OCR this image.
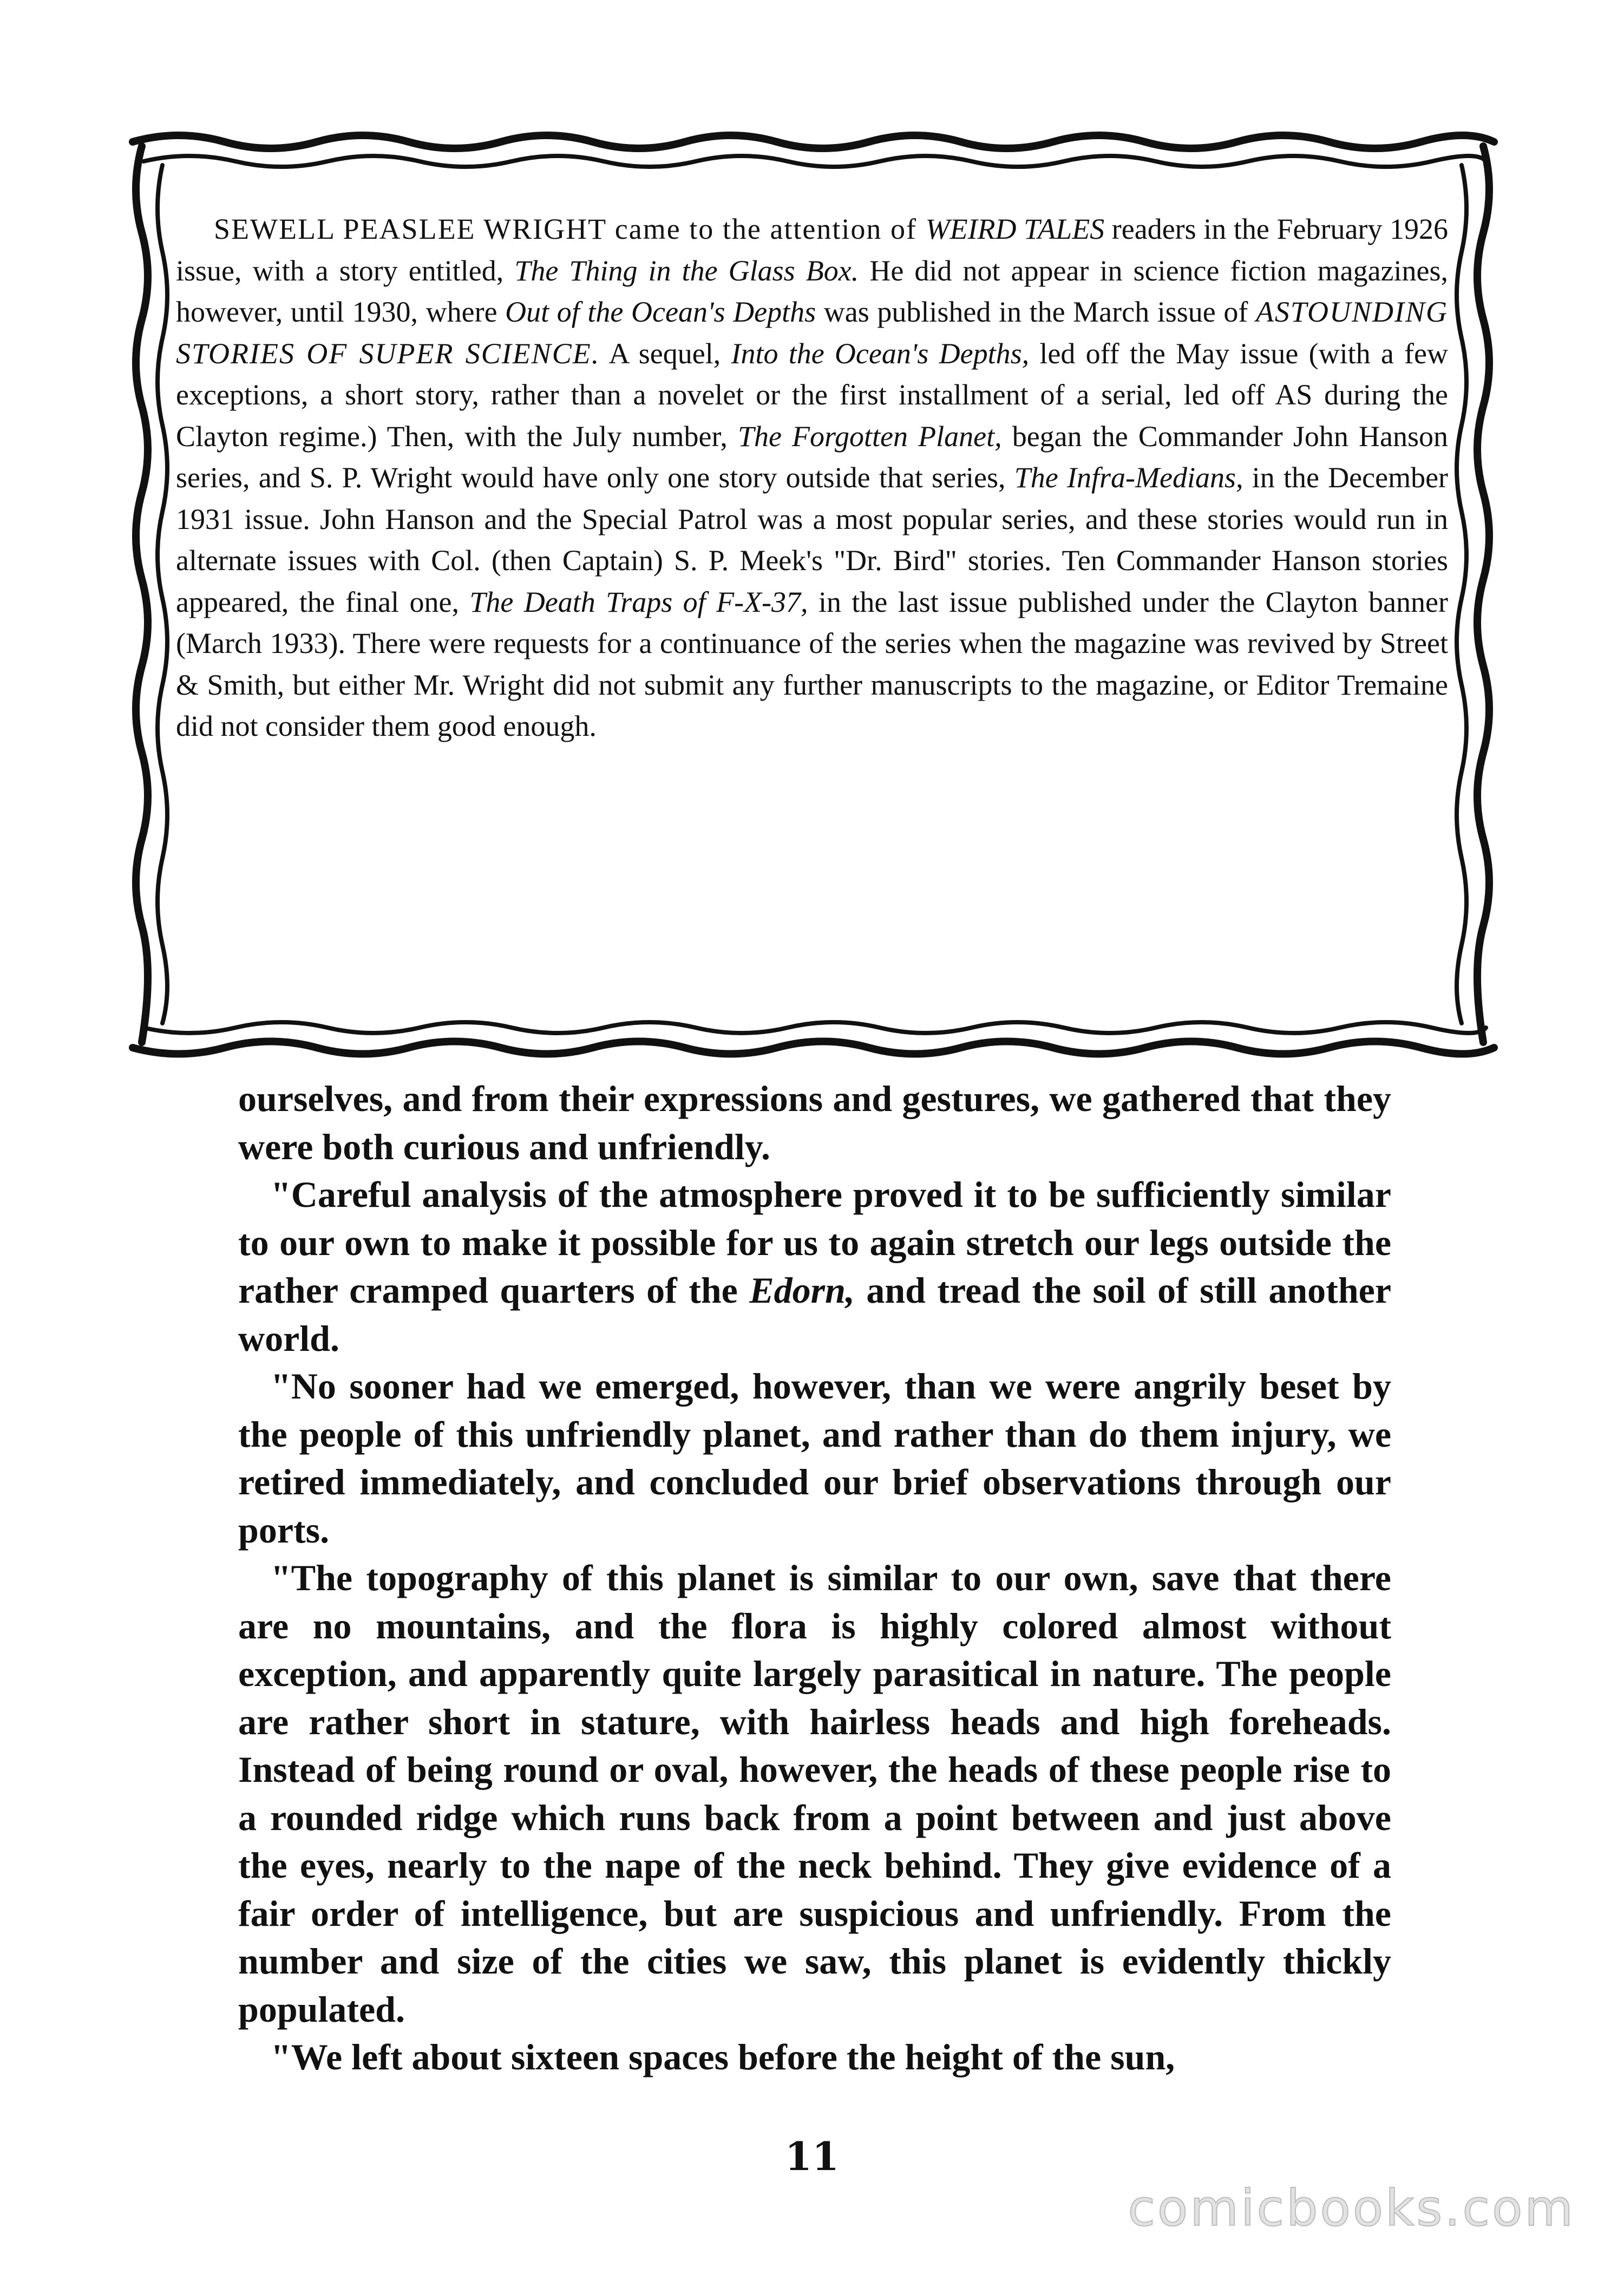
SEWELL PEASLEE WRIGHT came to the attention of WEIRD TALES readers in the February 1926 issue, with a story entitled, The Thing in the Glass Box. He did not appear in science fiction magazines, however, until 1930, where Out of the Ocean's Depths was published in the March issue of ASTOUNDING STORIES OF SUPER SCIENCE. A sequel, Into the Ocean's Depths, led off the May issue (with a few exceptions, a short story, rather than a novelet or the first installment of a serial, led off AS during the Clayton regime.) Then, with the July number, The Forgotten Planet, began the Commander John Hanson series, and S. P. Wright would have only one story outside that series, The Infra-Medians, in the December 1931 issue. John Hanson and the Special Patrol was a most popular series, and these stories would run in alternate issues with Col. (then Captain) S. P. Meek's "Dr. Bird" stories. Ten Commander Hanson stories appeared, the final one, The Death Traps of F-X-37, in the last issue published under the Clayton banner (March 1933). There were requests for a continuance of the series when the magazine was revived by Street & Smith, but either Mr. Wright did not submit any further manuscripts to the magazine, or Editor Tremaine did not consider them good enough.

ourselves, and from their expressions and gestures, we gathered that they were both curious and unfriendly.

"Careful analysis of the atmosphere proved it to be sufficiently similar to our own to make it possible for us to again stretch our legs outside the rather cramped quarters of the Edorn, and tread the soil of still another world.

"No sooner had we emerged, however, than we were angrily beset by the people of this unfriendly planet, and rather than do them injury, we retired immediately, and concluded our brief observations through our ports.

"The topography of this planet is similar to our own, save that there are no mountains, and the flora is highly colored almost without exception, and apparently quite largely parasitical in nature. The people are rather short in stature, with hairless heads and high foreheads. Instead of being round or oval, however, the heads of these people rise to a rounded ridge which runs back from a point between and just above the eyes, nearly to the nape of the neck behind. They give evidence of a fair order of intelligence, but are suspicious and unfriendly. From the number and size of the cities we saw, this planet is evidently thickly populated.

"We left about sixteen spaces before the height of the sun,

11
comicbooks.com
